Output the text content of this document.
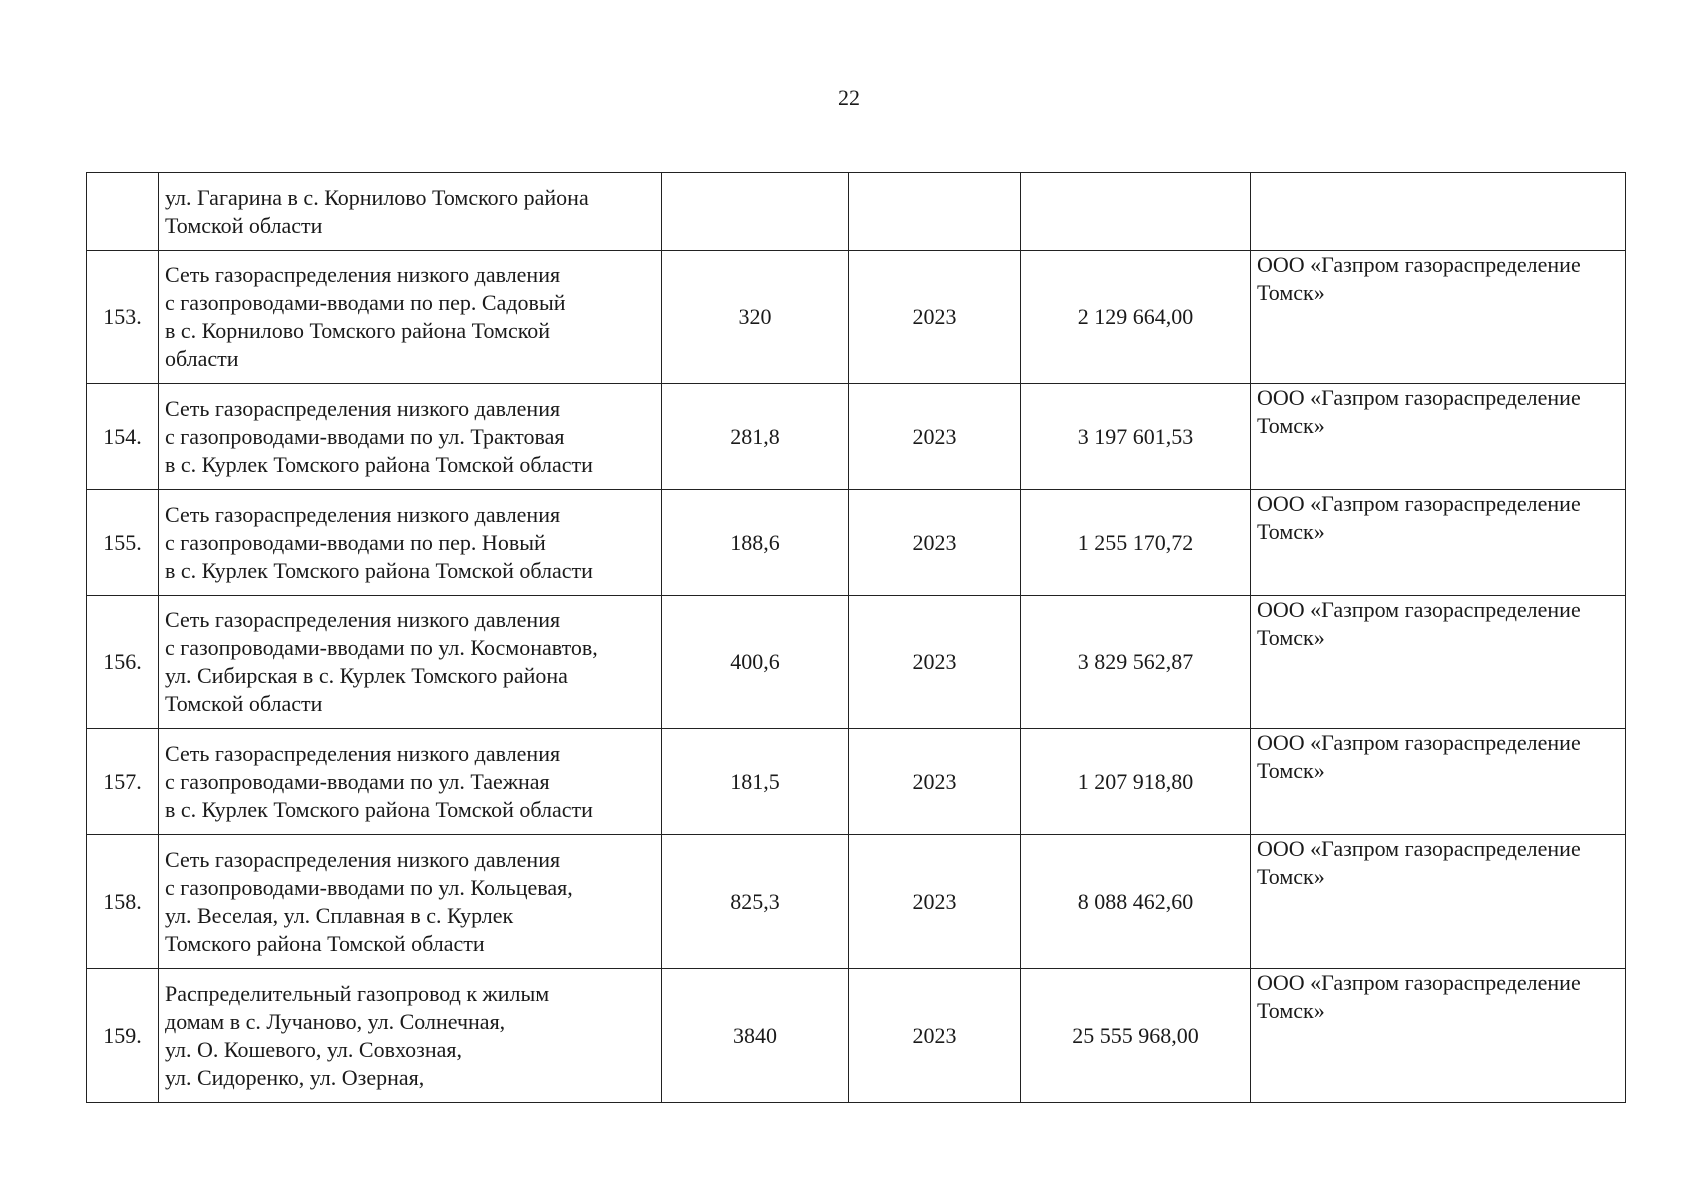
22

	ул. Гагарина в с. Корнилово Томского района
Томской области				

153.	Сеть газораспределения низкого давления
с газопроводами-вводами по пер. Садовый
в с. Корнилово Томского района Томской
области	320	2023	2 129 664,00	ООО «Газпром газораспределение
Томск»

154.	Сеть газораспределения низкого давления
с газопроводами-вводами по ул. Трактовая
в с. Курлек Томского района Томской области	281,8	2023	3 197 601,53	ООО «Газпром газораспределение
Томск»

155.	Сеть газораспределения низкого давления
с газопроводами-вводами по пер. Новый
в с. Курлек Томского района Томской области	188,6	2023	1 255 170,72	ООО «Газпром газораспределение
Томск»

156.	Сеть газораспределения низкого давления
с газопроводами-вводами по ул. Космонавтов,
ул. Сибирская в с. Курлек Томского района
Томской области	400,6	2023	3 829 562,87	ООО «Газпром газораспределение
Томск»

157.	Сеть газораспределения низкого давления
с газопроводами-вводами по ул. Таежная
в с. Курлек Томского района Томской области	181,5	2023	1 207 918,80	ООО «Газпром газораспределение
Томск»

158.	Сеть газораспределения низкого давления
с газопроводами-вводами по ул. Кольцевая,
ул. Веселая, ул. Сплавная в с. Курлек
Томского района Томской области	825,3	2023	8 088 462,60	ООО «Газпром газораспределение
Томск»

159.	Распределительный газопровод к жилым
домам в с. Лучаново, ул. Солнечная,
ул. О. Кошевого, ул. Совхозная,
ул. Сидоренко, ул. Озерная,	3840	2023	25 555 968,00	ООО «Газпром газораспределение
Томск»
